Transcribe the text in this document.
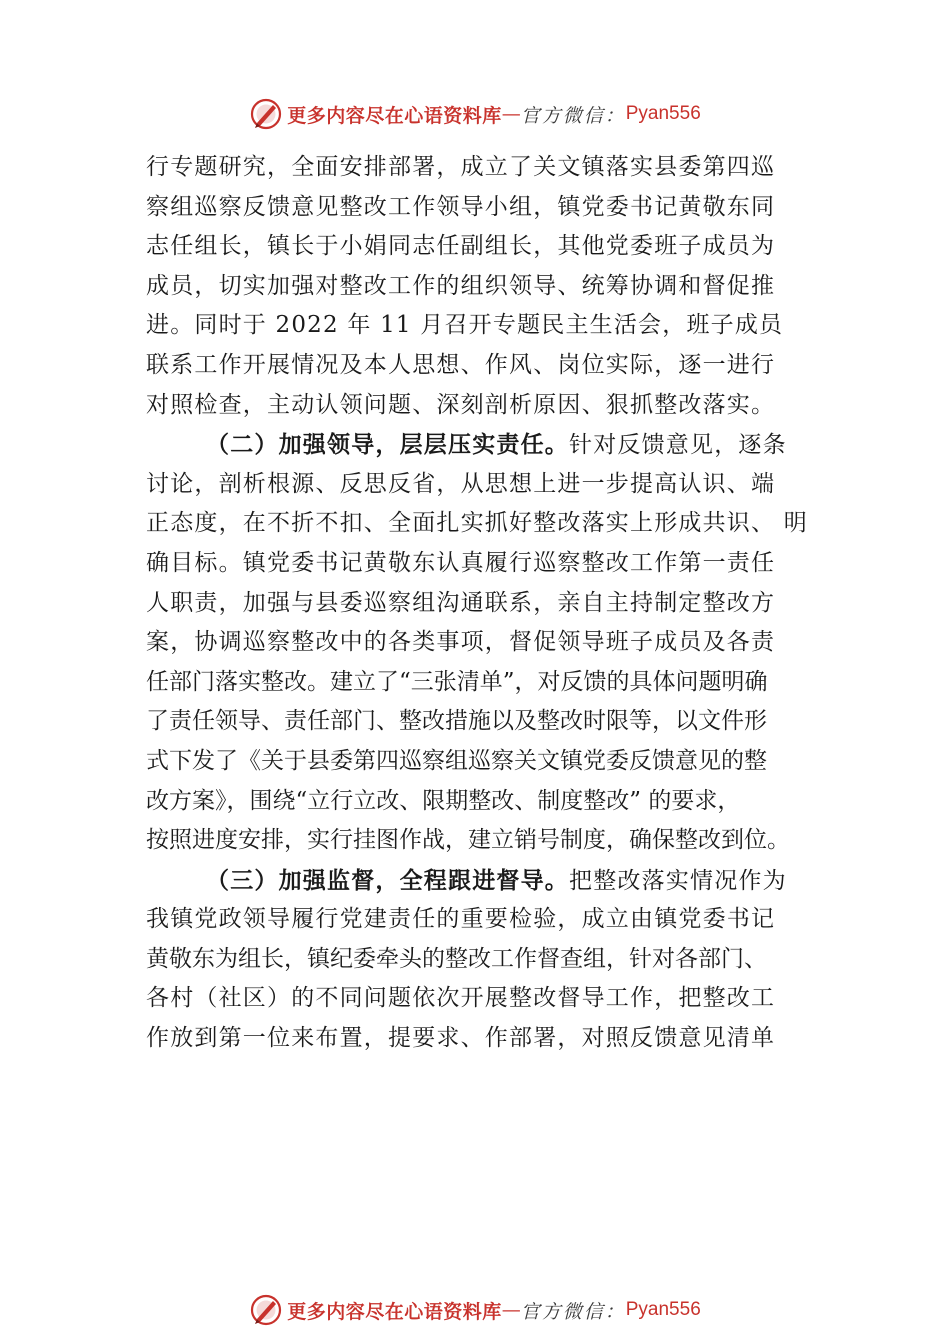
更多内容尽在心语资料库 — 官方微信： Pyan556
行专题研究，全面安排部署，成立了关文镇落实县委第四巡
察组巡察反馈意见整改工作领导小组，镇党委书记黄敬东同
志任组长，镇长于小娟同志任副组长，其他党委班子成员为
成员，切实加强对整改工作的组织领导、统筹协调和督促推
进。同时于 2022 年 11 月召开专题民主生活会，班子成员
联系工作开展情况及本人思想、作风、岗位实际，逐一进行
对照检查，主动认领问题、深刻剖析原因、狠抓整改落实。
（二）加强领导，层层压实责任。针对反馈意见，逐条
讨论，剖析根源、反思反省，从思想上进一步提高认识、端
正态度，在不折不扣、全面扎实抓好整改落实上形成共识、 明
确目标。镇党委书记黄敬东认真履行巡察整改工作第一责任
人职责，加强与县委巡察组沟通联系，亲自主持制定整改方
案，协调巡察整改中的各类事项，督促领导班子成员及各责
任部门落实整改。建立了“三张清单”，对反馈的具体问题明确
了责任领导、责任部门、整改措施以及整改时限等，以文件形
式下发了《关于县委第四巡察组巡察关文镇党委反馈意见的整
改方案》，围绕“立行立改、限期整改、制度整改” 的要求，
按照进度安排，实行挂图作战，建立销号制度，确保整改到位。
（三）加强监督，全程跟进督导。把整改落实情况作为
我镇党政领导履行党建责任的重要检验，成立由镇党委书记
黄敬东为组长，镇纪委牵头的整改工作督查组，针对各部门、
各村（社区）的不同问题依次开展整改督导工作，把整改工
作放到第一位来布置，提要求、作部署，对照反馈意见清单
更多内容尽在心语资料库 — 官方微信： Pyan556
